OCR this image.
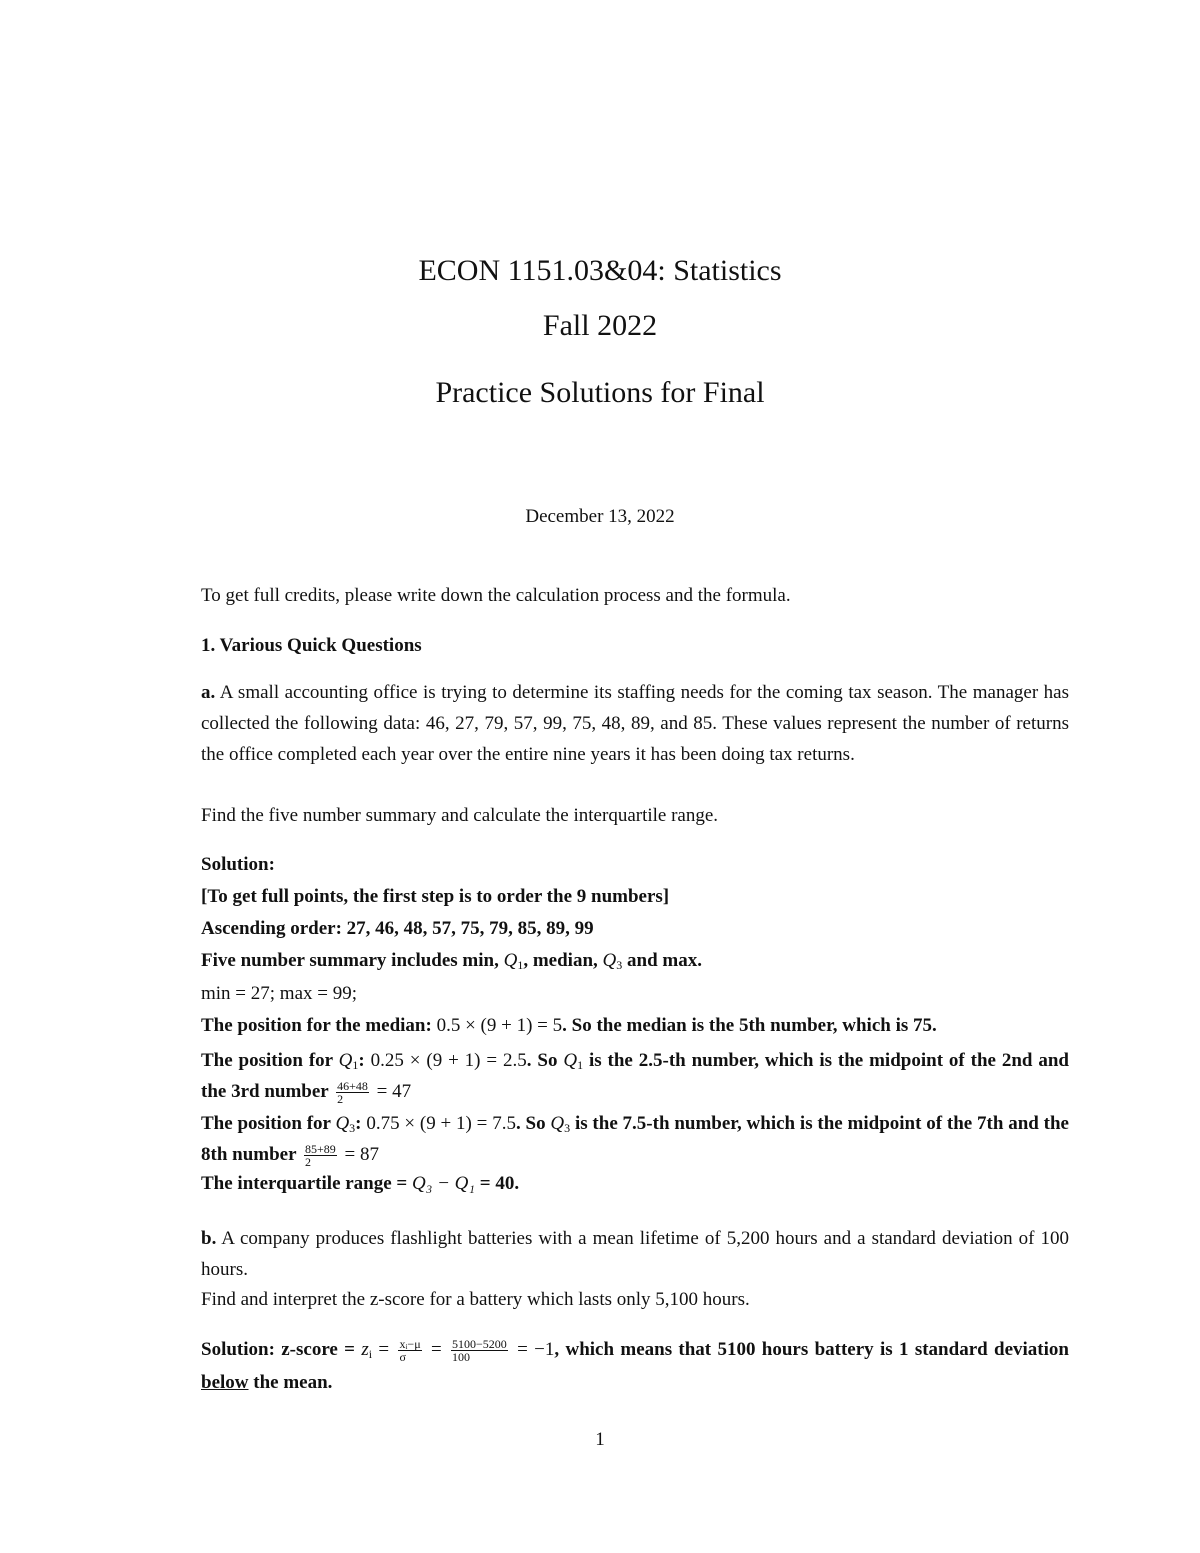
ECON 1151.03&04: Statistics
Fall 2022
Practice Solutions for Final
December 13, 2022
To get full credits, please write down the calculation process and the formula.
1. Various Quick Questions
a. A small accounting office is trying to determine its staffing needs for the coming tax season. The manager has collected the following data: 46, 27, 79, 57, 99, 75, 48, 89, and 85. These values represent the number of returns the office completed each year over the entire nine years it has been doing tax returns.
Find the five number summary and calculate the interquartile range.
Solution:
[To get full points, the first step is to order the 9 numbers]
Ascending order: 27, 46, 48, 57, 75, 79, 85, 89, 99
Five number summary includes min, $Q_1$, median, $Q_3$ and max.
min = 27; max = 99;
The position for the median: 0.5 × (9 + 1) = 5. So the median is the 5th number, which is 75.
The position for $Q_1$: 0.25 × (9 + 1) = 2.5. So $Q_1$ is the 2.5-th number, which is the midpoint of the 2nd and the 3rd number $\frac{46+48}{2} = 47$
The position for $Q_3$: 0.75 × (9 + 1) = 7.5. So $Q_3$ is the 7.5-th number, which is the midpoint of the 7th and the 8th number $\frac{85+89}{2} = 87$
The interquartile range = Q₃ − Q₁ = 40.
b. A company produces flashlight batteries with a mean lifetime of 5,200 hours and a standard deviation of 100 hours.
Find and interpret the z-score for a battery which lasts only 5,100 hours.
Solution: z-score = $z_i = \frac{\text{xᵢ−μ}}{\sigma} = \frac{5100-5200}{100} = -1$, which means that 5100 hours battery is 1 standard deviation below the mean.
1
